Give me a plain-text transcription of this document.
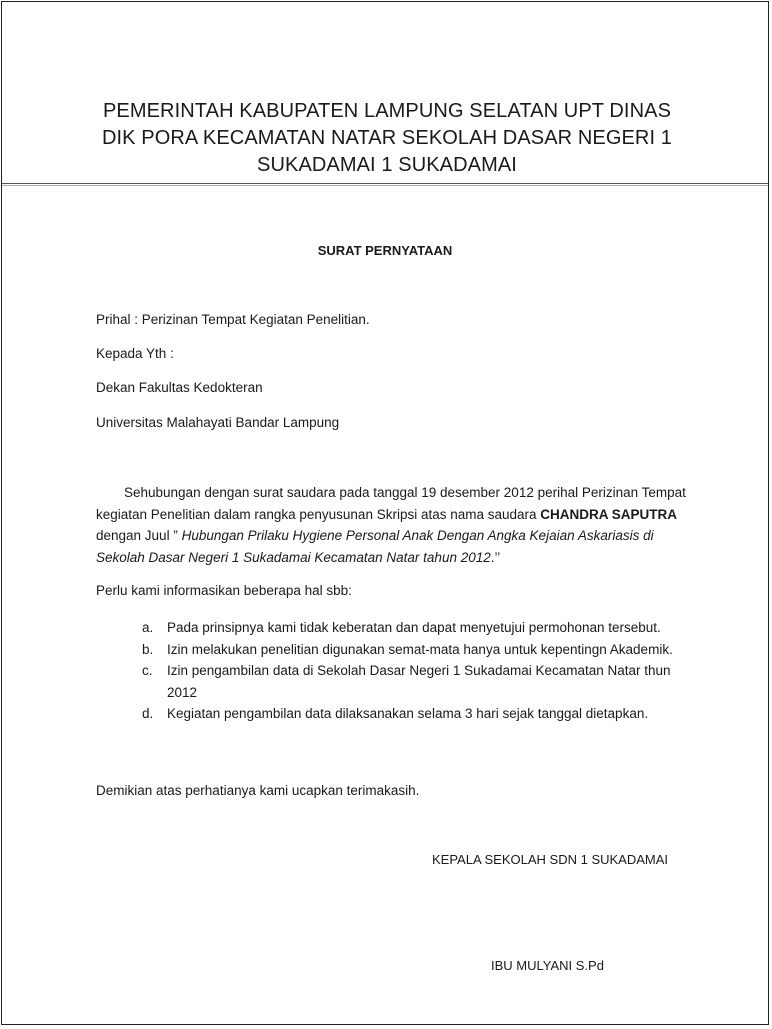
PEMERINTAH KABUPATEN LAMPUNG SELATAN UPT DINAS
DIK PORA KECAMATAN NATAR SEKOLAH DASAR NEGERI 1
SUKADAMAI 1 SUKADAMAI
SURAT PERNYATAAN
Prihal : Perizinan Tempat Kegiatan Penelitian.
Kepada Yth :
Dekan Fakultas Kedokteran
Universitas Malahayati Bandar Lampung
Sehubungan dengan surat saudara pada tanggal 19 desember 2012 perihal Perizinan Tempat kegiatan Penelitian dalam rangka penyusunan Skripsi atas nama saudara CHANDRA SAPUTRA dengan Juul ” Hubungan Prilaku Hygiene Personal Anak Dengan Angka Kejaian Askariasis di Sekolah Dasar Negeri 1 Sukadamai Kecamatan Natar tahun 2012.’’
Perlu kami informasikan beberapa hal sbb:
a. Pada prinsipnya kami tidak keberatan dan dapat menyetujui permohonan tersebut.
b. Izin melakukan penelitian digunakan semat-mata hanya untuk kepentingn Akademik.
c. Izin pengambilan data di Sekolah Dasar Negeri 1 Sukadamai Kecamatan Natar thun 2012
d. Kegiatan pengambilan data dilaksanakan selama 3 hari sejak tanggal dietapkan.
Demikian atas perhatianya kami ucapkan terimakasih.
KEPALA SEKOLAH SDN 1 SUKADAMAI
IBU MULYANI S.Pd
